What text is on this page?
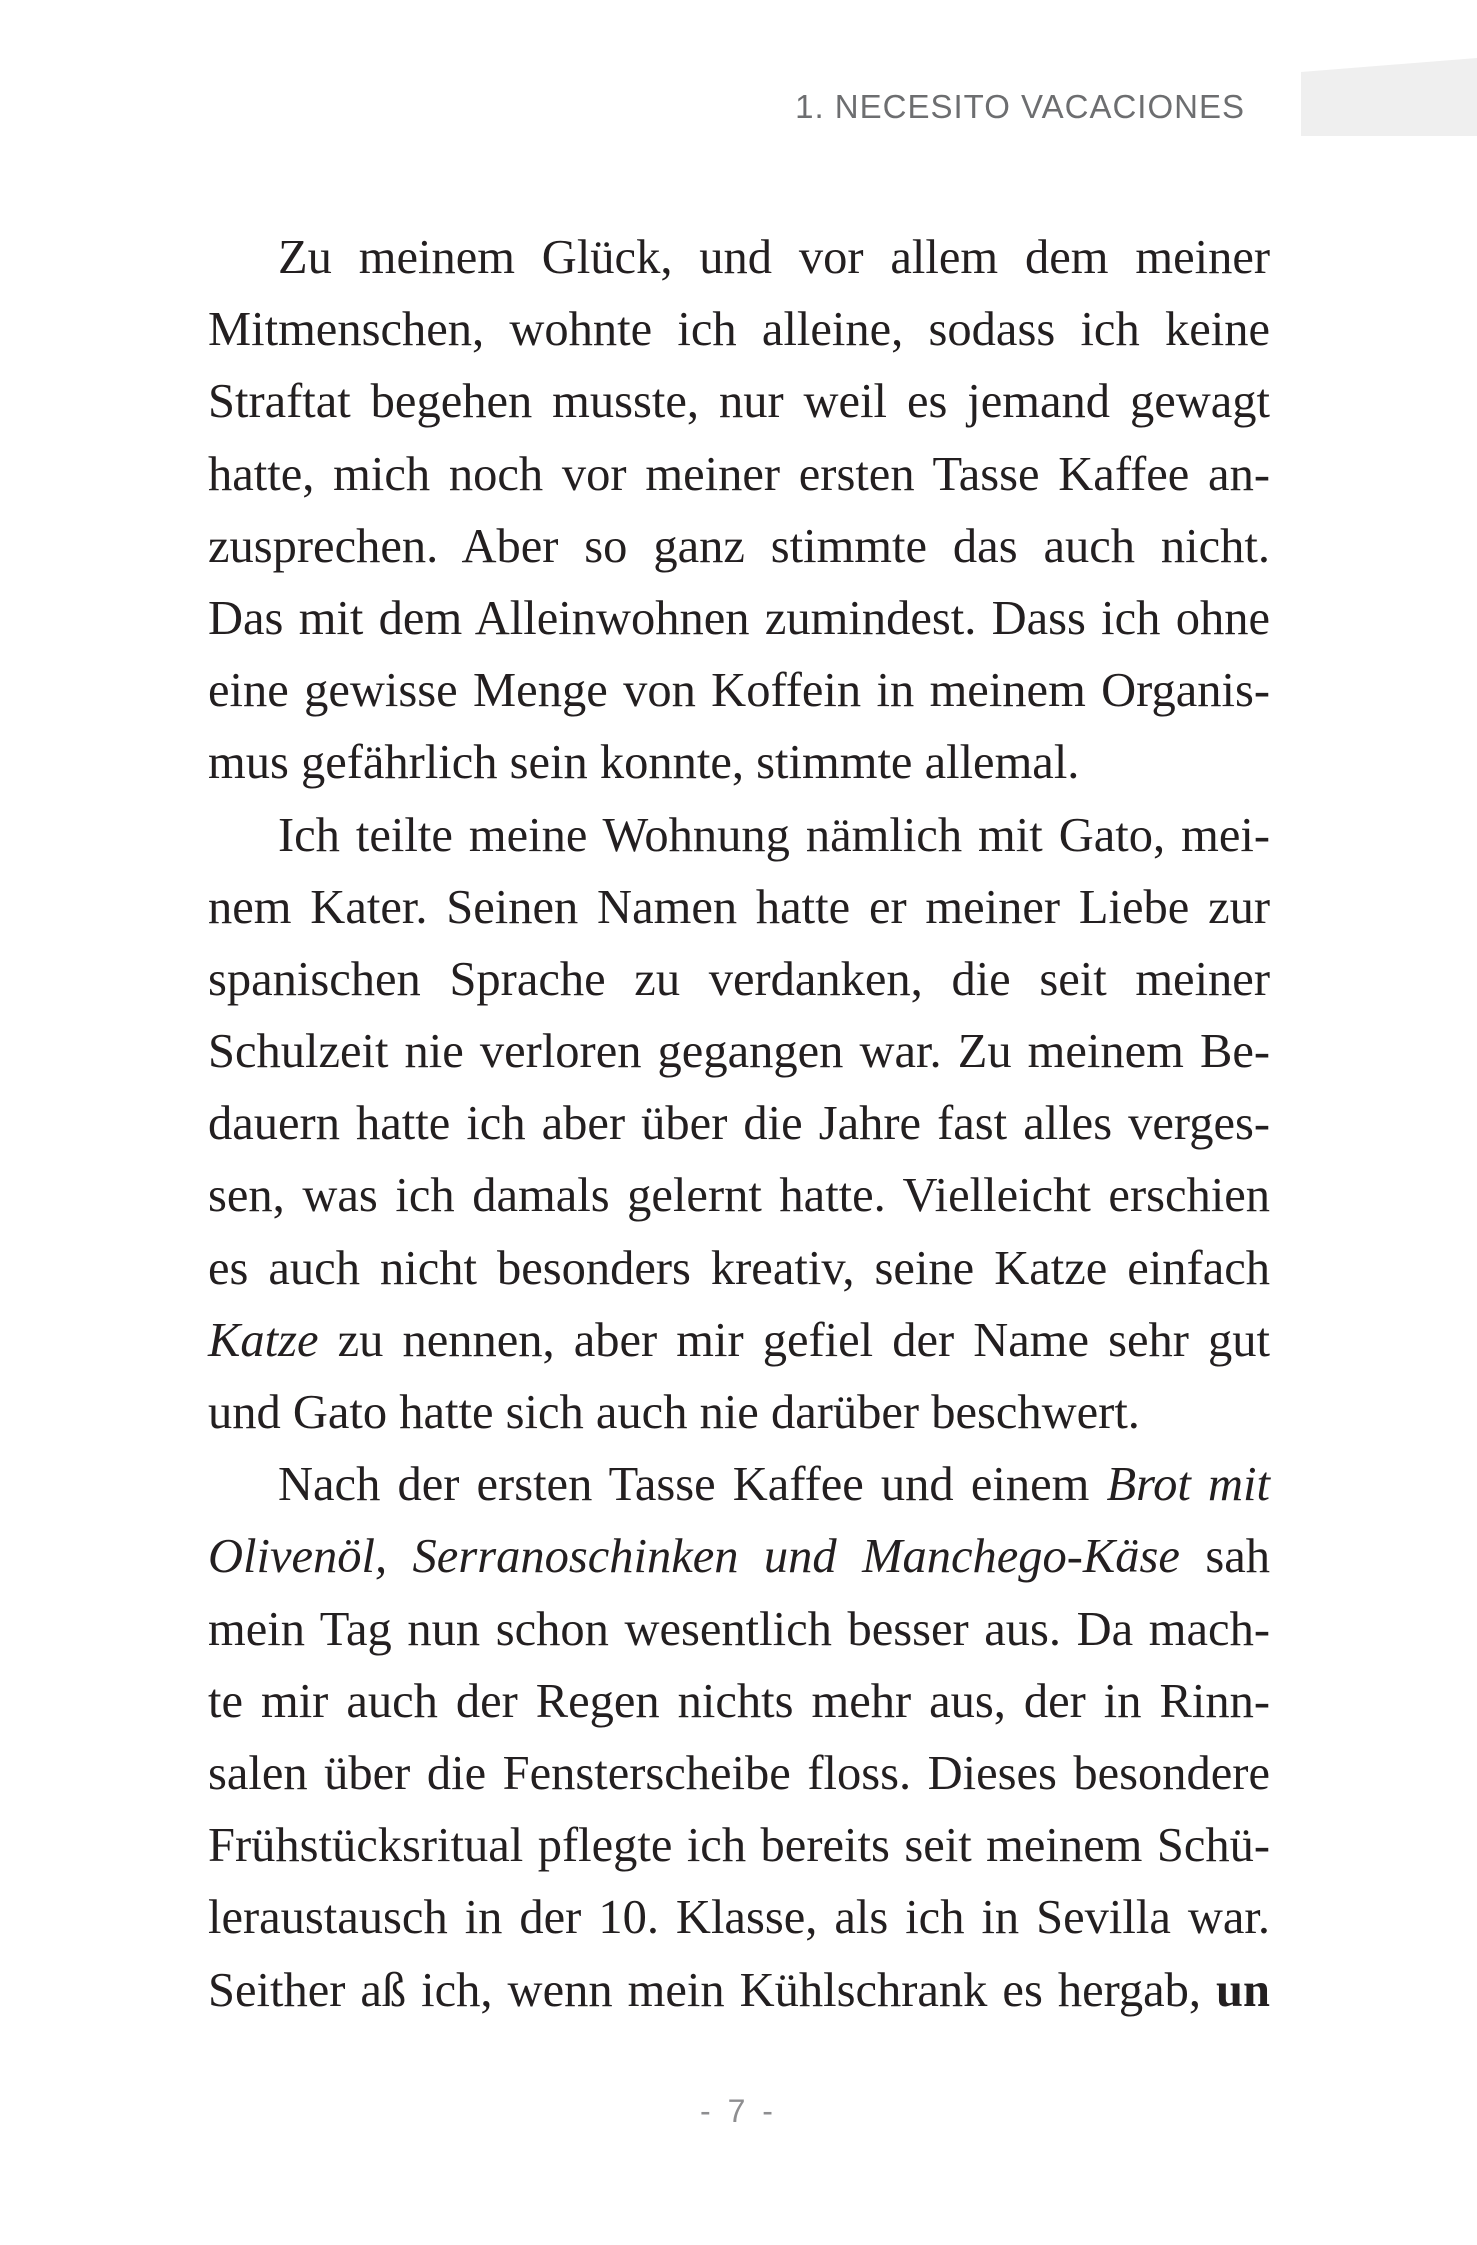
1. NECESITO VACACIONES
Zu meinem Glück, und vor allem dem meiner
Mitmenschen, wohnte ich alleine, sodass ich keine
Straftat begehen musste, nur weil es jemand gewagt
hatte, mich noch vor meiner ersten Tasse Kaffee an-
zusprechen. Aber so ganz stimmte das auch nicht.
Das mit dem Alleinwohnen zumindest. Dass ich ohne
eine gewisse Menge von Koffein in meinem Organis-
mus gefährlich sein konnte, stimmte allemal.
Ich teilte meine Wohnung nämlich mit Gato, mei-
nem Kater. Seinen Namen hatte er meiner Liebe zur
spanischen Sprache zu verdanken, die seit meiner
Schulzeit nie verloren gegangen war. Zu meinem Be-
dauern hatte ich aber über die Jahre fast alles verges-
sen, was ich damals gelernt hatte. Vielleicht erschien
es auch nicht besonders kreativ, seine Katze einfach
Katze zu nennen, aber mir gefiel der Name sehr gut
und Gato hatte sich auch nie darüber beschwert.
Nach der ersten Tasse Kaffee und einem Brot mit
Olivenöl, Serranoschinken und Manchego-Käse sah
mein Tag nun schon wesentlich besser aus. Da mach-
te mir auch der Regen nichts mehr aus, der in Rinn-
salen über die Fensterscheibe floss. Dieses besondere
Frühstücksritual pflegte ich bereits seit meinem Schü-
leraustausch in der 10. Klasse, als ich in Sevilla war.
Seither aß ich, wenn mein Kühlschrank es hergab, un
- 7 -
